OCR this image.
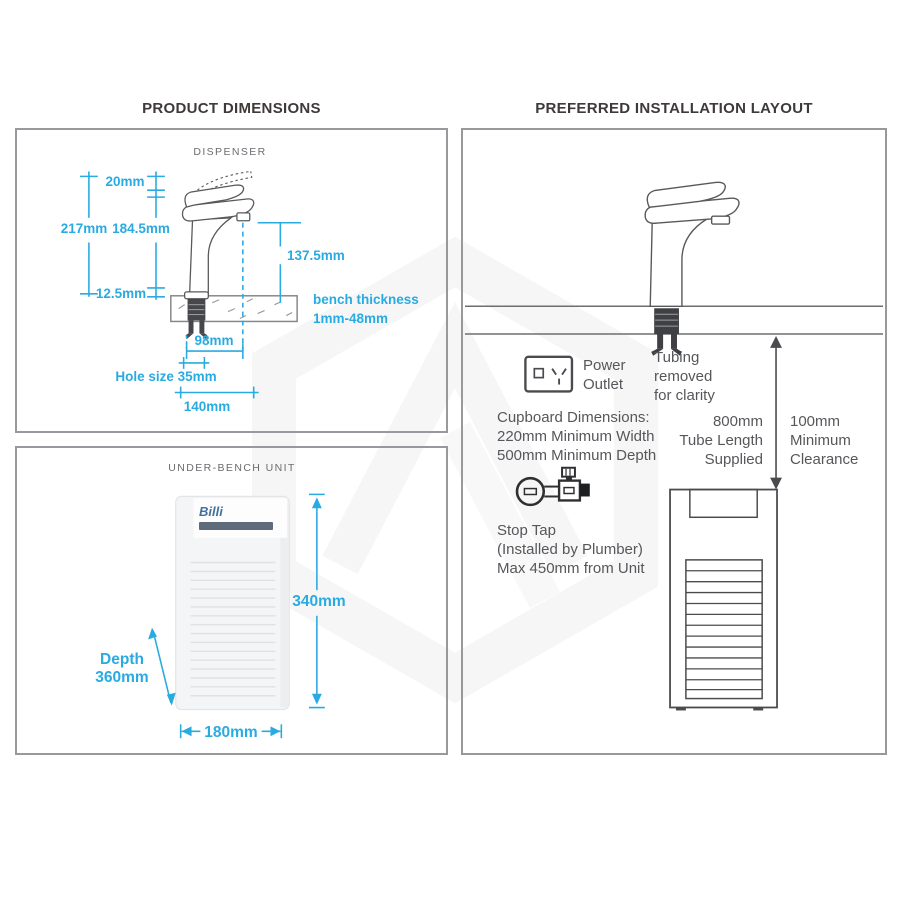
PRODUCT DIMENSIONS	PREFERRED INSTALLATION LAYOUT
DISPENSER
20mm
217mm 184.5mm
12.5mm
137.5mm
bench thickness
1mm-48mm
98mm
Hole size 35mm
140mm
Billi
UNDER-BENCH UNIT
340mm
Depth
360mm
180mm
Power
Outlet
Tubing
removed
for clarity
Cupboard Dimensions:
220mm Minimum Width
500mm Minimum Depth
800mm
Tube Length
Supplied
100mm
Minimum
Clearance
Stop Tap
(Installed by Plumber)
Max 450mm from Unit
